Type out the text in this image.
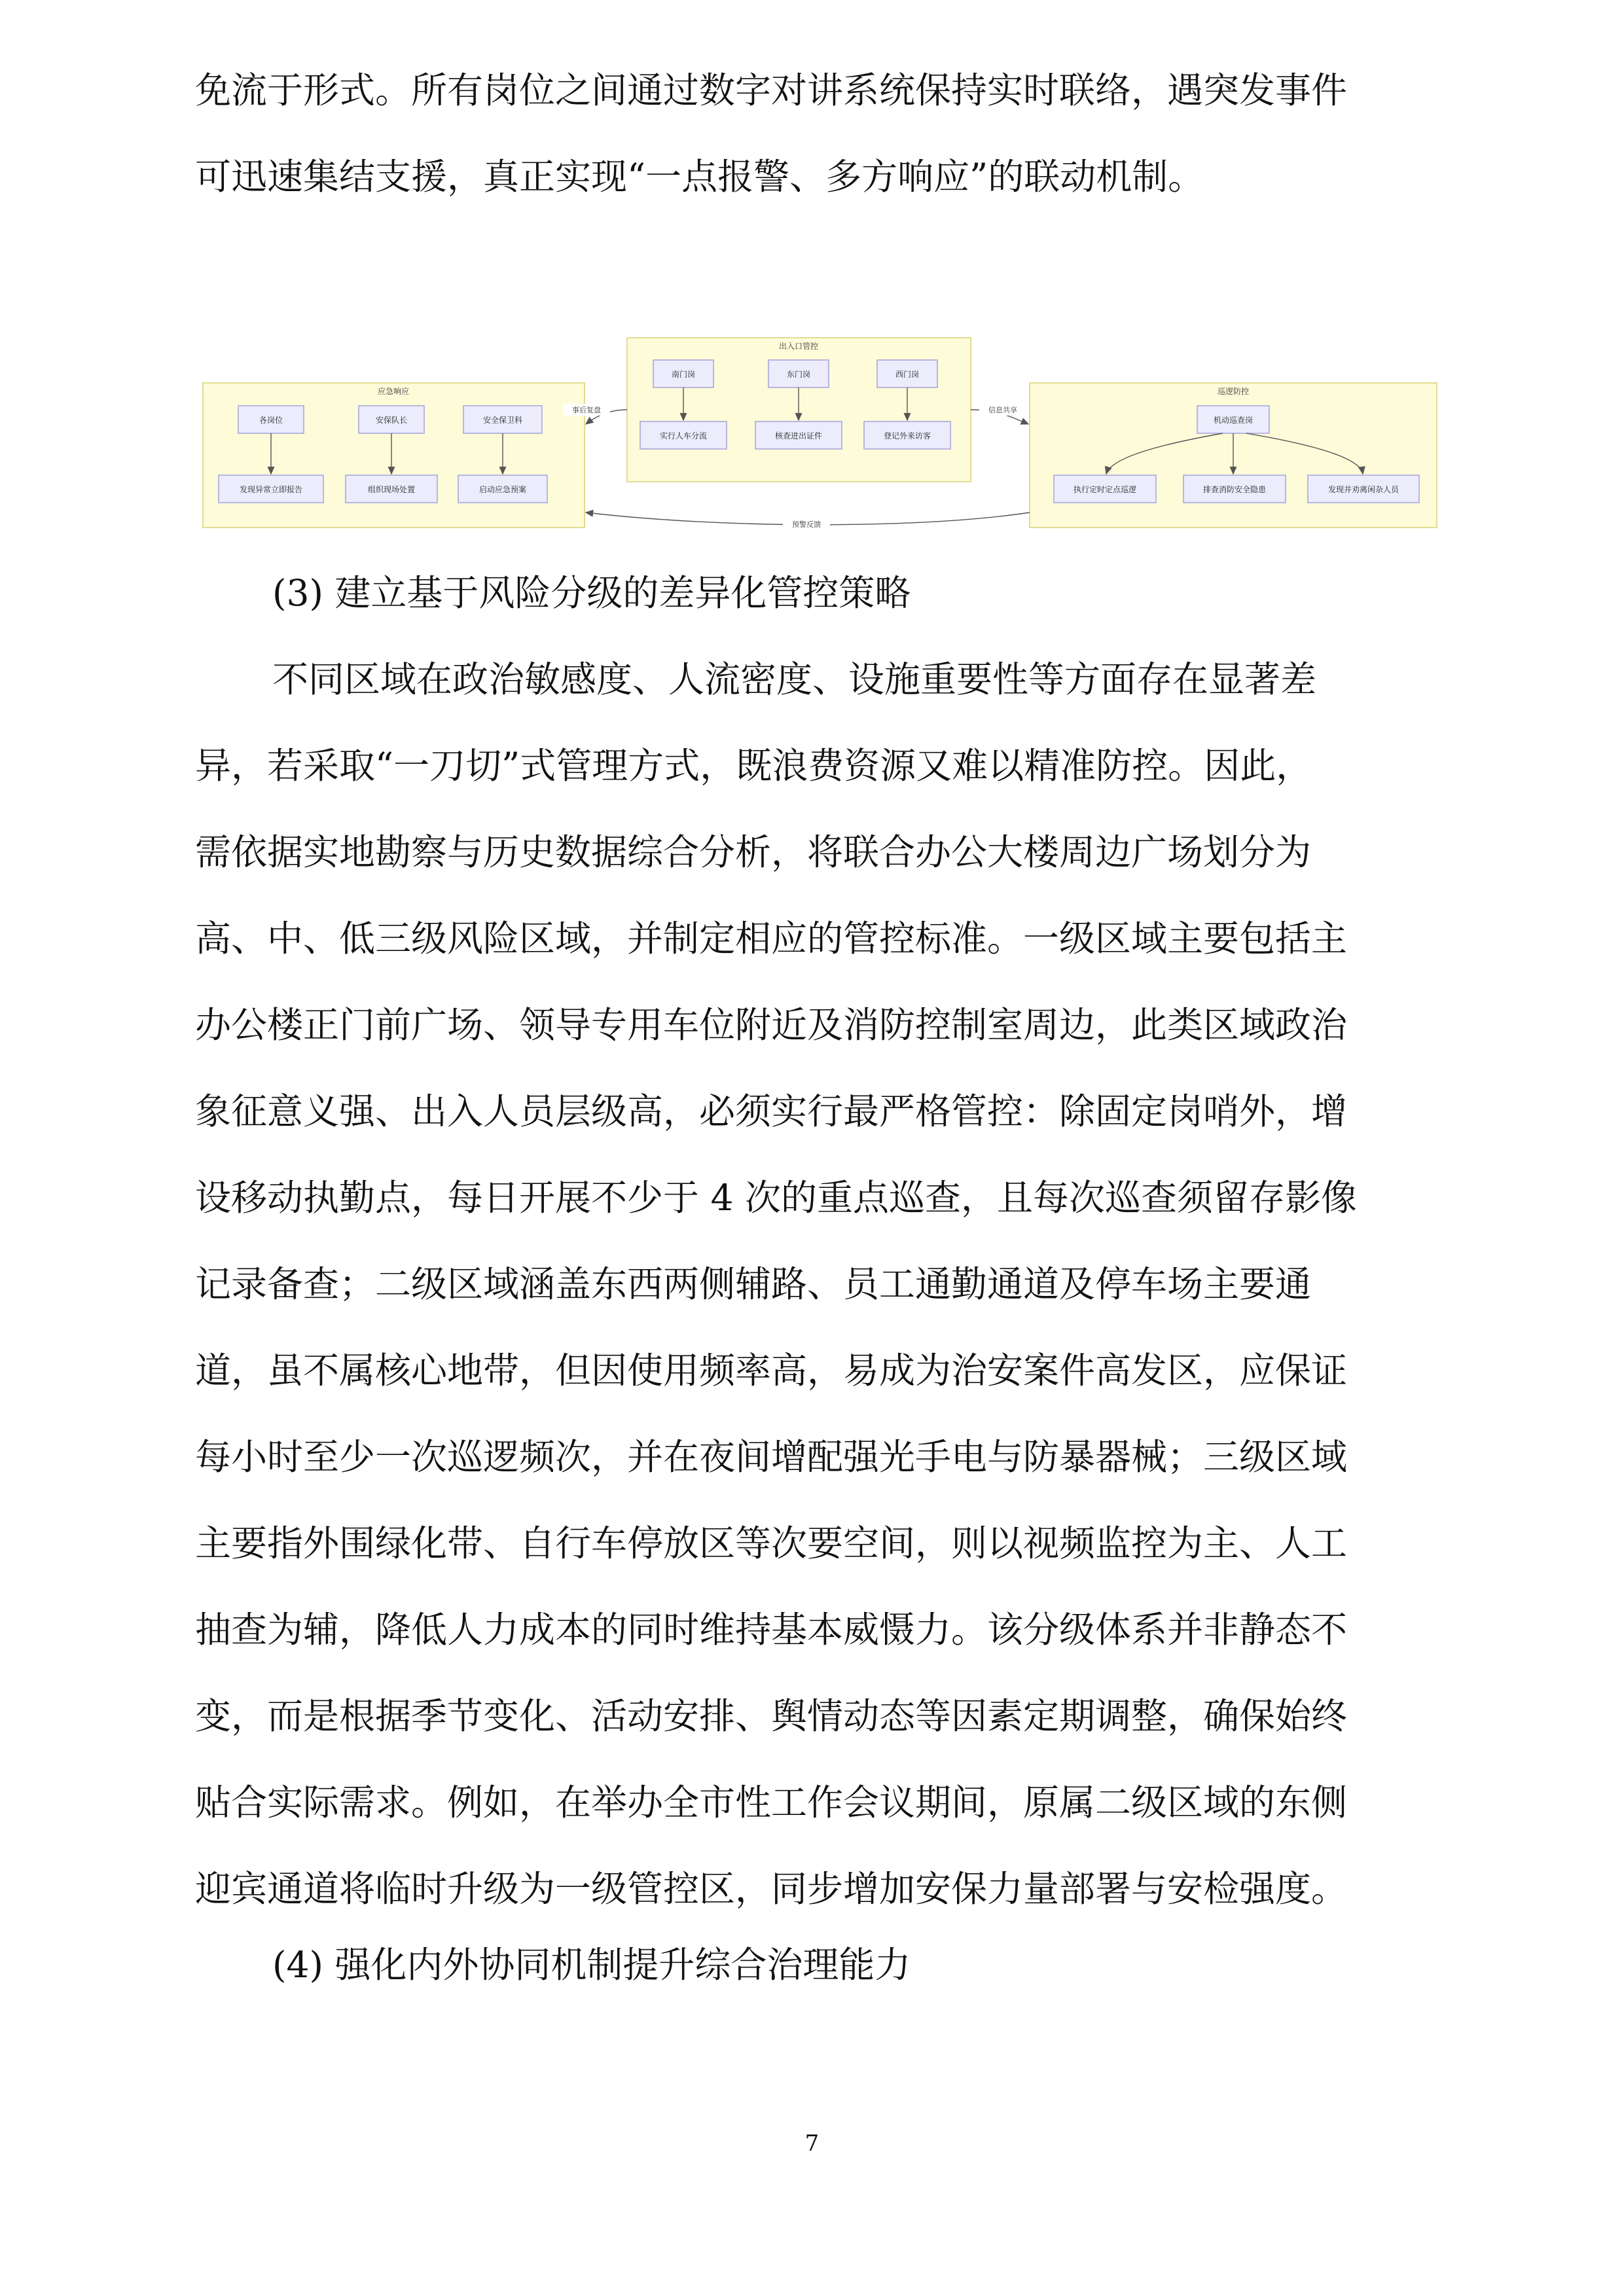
免流于形式。所有岗位之间通过数字对讲系统保持实时联络，遇突发事件
可迅速集结支援，真正实现“一点报警、多方响应”的联动机制。
应急响应
出入口管控
巡逻防控
南门岗	东门岗	西门岗
实行人车分流	核查进出证件	登记外来访客
各岗位	安保队长	安全保卫科
发现异常立即报告	组织现场处置	启动应急预案
机动巡查岗
执行定时定点巡逻	排查消防安全隐患	发现并劝离闲杂人员
事后复盘	信息共享
预警反馈
(3) 建立基于风险分级的差异化管控策略
不同区域在政治敏感度、人流密度、设施重要性等方面存在显著差
异，若采取“一刀切”式管理方式，既浪费资源又难以精准防控。因此，
需依据实地勘察与历史数据综合分析，将联合办公大楼周边广场划分为
高、中、低三级风险区域，并制定相应的管控标准。一级区域主要包括主
办公楼正门前广场、领导专用车位附近及消防控制室周边，此类区域政治
象征意义强、出入人员层级高，必须实行最严格管控：除固定岗哨外，增
设移动执勤点，每日开展不少于 4 次的重点巡查，且每次巡查须留存影像
记录备查；二级区域涵盖东西两侧辅路、员工通勤通道及停车场主要通
道，虽不属核心地带，但因使用频率高，易成为治安案件高发区，应保证
每小时至少一次巡逻频次，并在夜间增配强光手电与防暴器械；三级区域
主要指外围绿化带、自行车停放区等次要空间，则以视频监控为主、人工
抽查为辅，降低人力成本的同时维持基本威慑力。该分级体系并非静态不
变，而是根据季节变化、活动安排、舆情动态等因素定期调整，确保始终
贴合实际需求。例如，在举办全市性工作会议期间，原属二级区域的东侧
迎宾通道将临时升级为一级管控区，同步增加安保力量部署与安检强度。
(4) 强化内外协同机制提升综合治理能力
7
